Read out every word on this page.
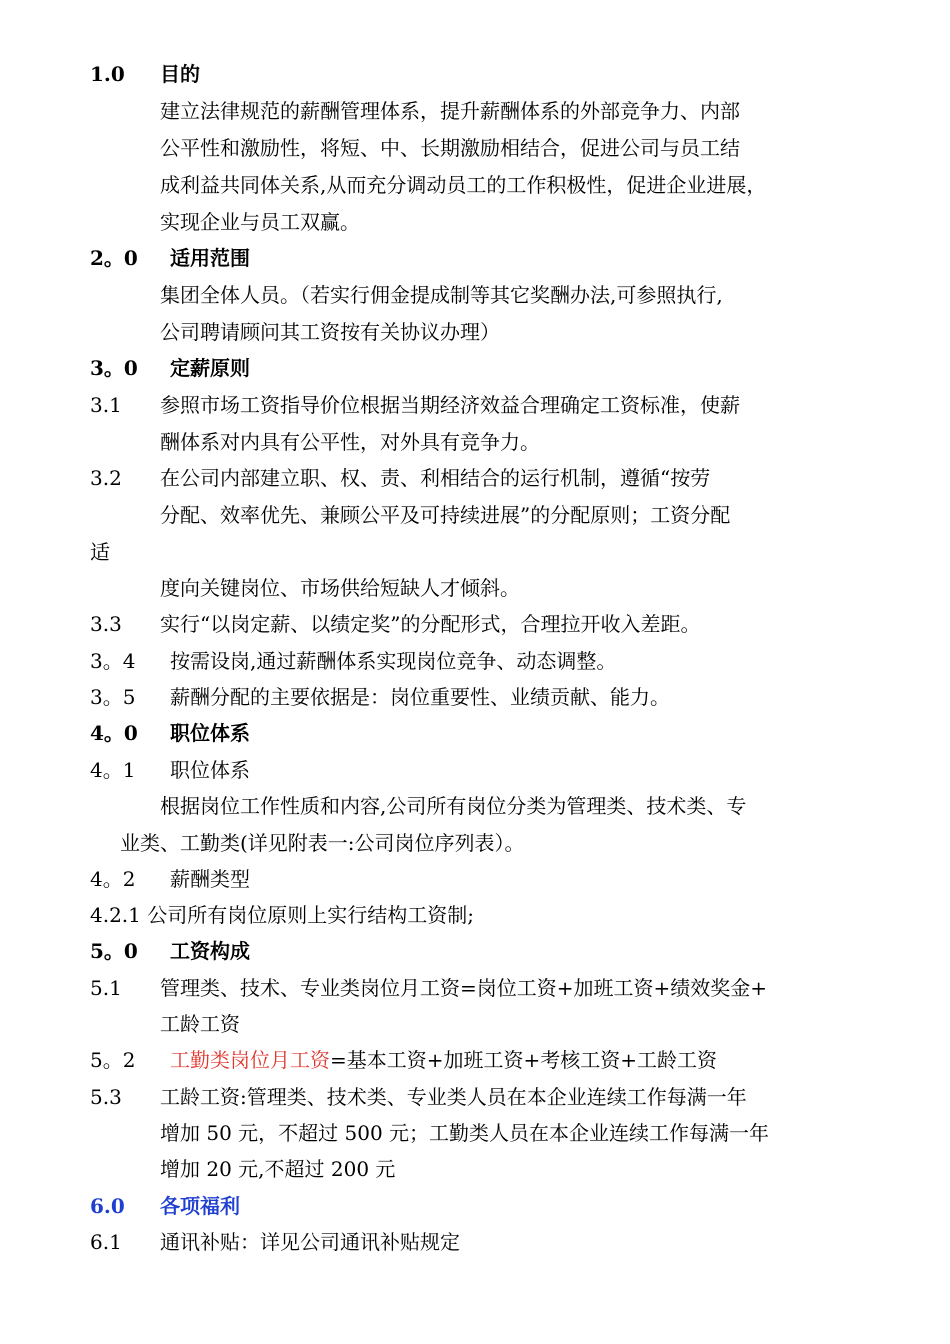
1.0 目的
建立法律规范的薪酬管理体系，提升薪酬体系的外部竞争力、内部
公平性和激励性，将短、中、长期激励相结合，促进公司与员工结
成利益共同体关系,从而充分调动员工的工作积极性，促进企业进展，
实现企业与员工双赢。
2。0 适用范围
集团全体人员。（若实行佣金提成制等其它奖酬办法,可参照执行,
公司聘请顾问其工资按有关协议办理）
3。0 定薪原则
3.1 参照市场工资指导价位根据当期经济效益合理确定工资标准，使薪
酬体系对内具有公平性，对外具有竞争力。
3.2 在公司内部建立职、权、责、利相结合的运行机制，遵循“按劳
分配、效率优先、兼顾公平及可持续进展”的分配原则；工资分配
适
度向关键岗位、市场供给短缺人才倾斜。
3.3 实行“以岗定薪、以绩定奖”的分配形式，合理拉开收入差距。
3。4 按需设岗,通过薪酬体系实现岗位竞争、动态调整。
3。5 薪酬分配的主要依据是：岗位重要性、业绩贡献、能力。
4。0 职位体系
4。1 职位体系
根据岗位工作性质和内容,公司所有岗位分类为管理类、技术类、专
业类、工勤类(详见附表一:公司岗位序列表）。
4。2 薪酬类型
4.2.1 公司所有岗位原则上实行结构工资制;
5。0 工资构成
5.1 管理类、技术、专业类岗位月工资=岗位工资+加班工资+绩效奖金+
工龄工资
5。2 工勤类岗位月工资=基本工资+加班工资+考核工资+工龄工资
5.3 工龄工资:管理类、技术类、专业类人员在本企业连续工作每满一年
增加 50 元，不超过 500 元；工勤类人员在本企业连续工作每满一年
增加 20 元,不超过 200 元
6.0 各项福利
6.1 通讯补贴：详见公司通讯补贴规定
